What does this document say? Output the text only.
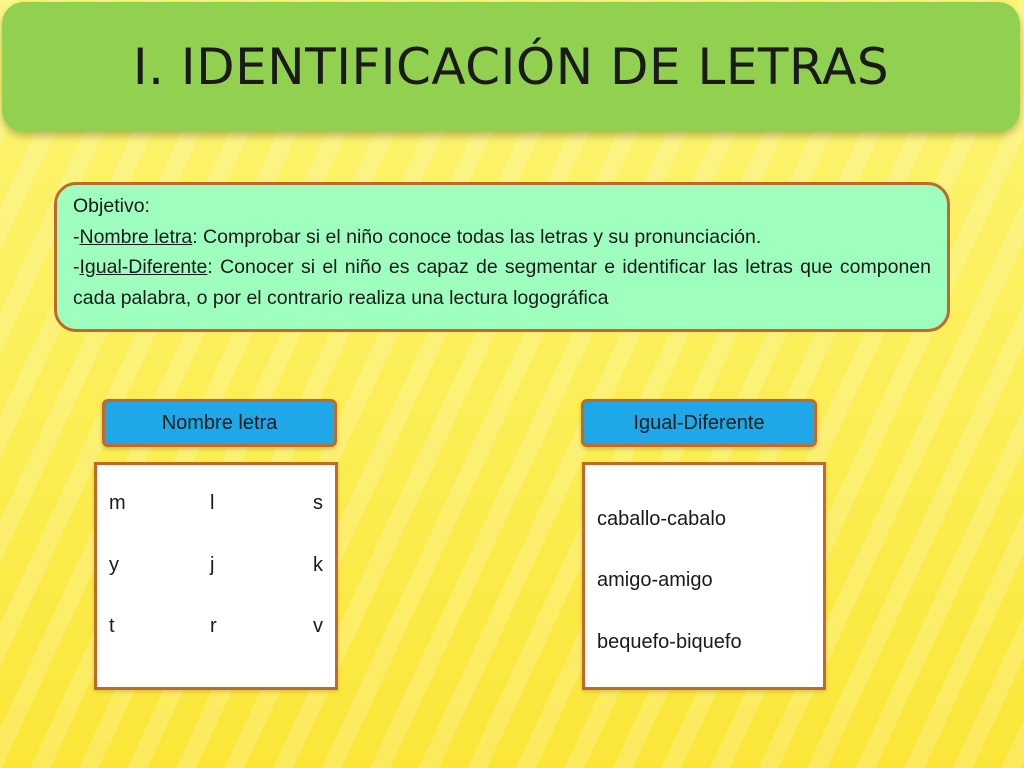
I. IDENTIFICACIÓN DE LETRAS

Objetivo:

-Nombre letra: Comprobar si el niño conoce todas las letras y su pronunciación.

-Igual-Diferente: Conocer si el niño es capaz de segmentar e identificar las letras que componen cada palabra, o por el contrario realiza una lectura logográfica

Nombre letra	Igual-Diferente
m	l	s
y	j	k
t	r	v
caballo-cabalo
amigo-amigo
bequefo-biquefo
